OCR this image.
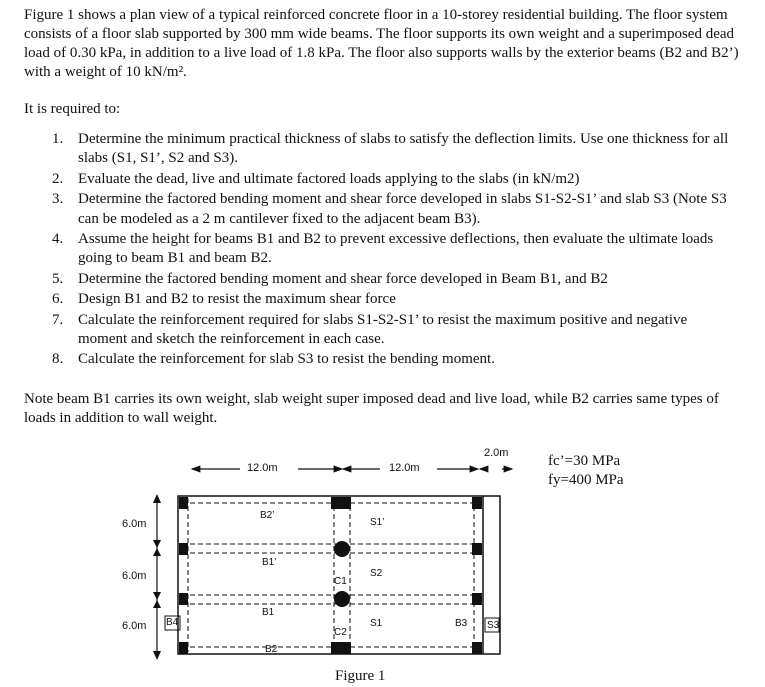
Figure 1 shows a plan view of a typical reinforced concrete floor in a 10-storey residential building. The floor system consists of a floor slab supported by 300 mm wide beams. The floor supports its own weight and a superimposed dead load of 0.30 kPa, in addition to a live load of 1.8 kPa. The floor also supports walls by the exterior beams (B2 and B2’) with a weight of 10 kN/m².

It is required to:

1. Determine the minimum practical thickness of slabs to satisfy the deflection limits. Use one thickness for all slabs (S1, S1’, S2 and S3).
2. Evaluate the dead, live and ultimate factored loads applying to the slabs (in kN/m2)
3. Determine the factored bending moment and shear force developed in slabs S1-S2-S1’ and slab S3 (Note S3 can be modeled as a 2 m cantilever fixed to the adjacent beam B3).
4. Assume the height for beams B1 and B2 to prevent excessive deflections, then evaluate the ultimate loads going to beam B1 and beam B2.
5. Determine the factored bending moment and shear force developed in Beam B1, and B2
6. Design B1 and B2 to resist the maximum shear force
7. Calculate the reinforcement required for slabs S1-S2-S1’ to resist the maximum positive and negative moment and sketch the reinforcement in each case.
8. Calculate the reinforcement for slab S3 to resist the bending moment.

Note beam B1 carries its own weight, slab weight super imposed dead and live load, while B2 carries same types of loads in addition to wall weight.

12.0m	12.0m
2.0m
6.0m
6.0m
6.0m
B2’
B1’
B1
B2
C1
C2
B3
B4
S1’
S2
S1	S3
fc’=30 MPa
fy=400 MPa
Figure 1
